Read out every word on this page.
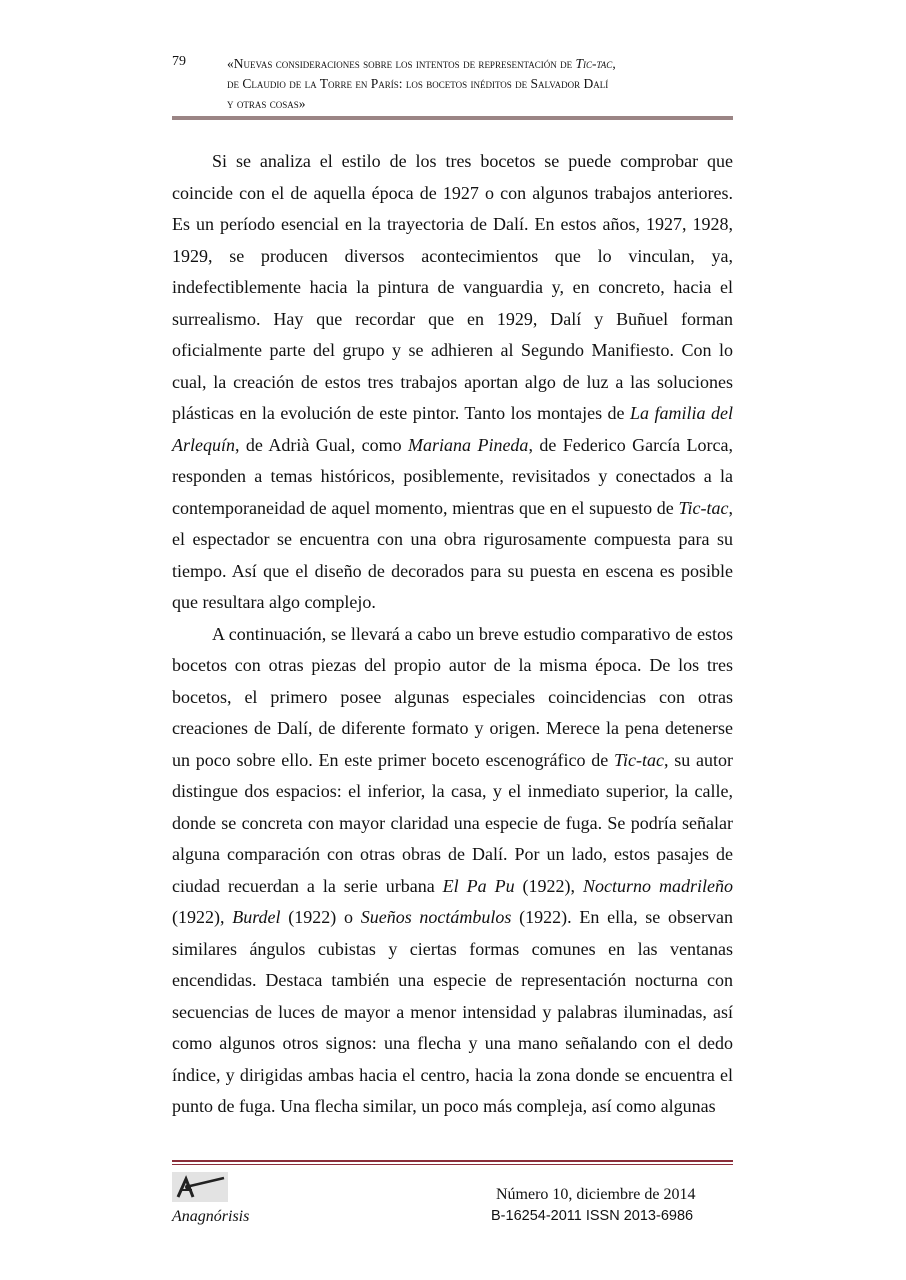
79	«Nuevas consideraciones sobre los intentos de representación de Tic-tac,
de Claudio de la Torre en París: los bocetos inéditos de Salvador Dalí
y otras cosas»

Si se analiza el estilo de los tres bocetos se puede comprobar que coincide con el de aquella época de 1927 o con algunos trabajos anteriores. Es un período esencial en la trayectoria de Dalí. En estos años, 1927, 1928, 1929, se producen diversos acontecimientos que lo vinculan, ya, indefectiblemente hacia la pintura de vanguardia y, en concreto, hacia el surrealismo. Hay que recordar que en 1929, Dalí y Buñuel forman oficialmente parte del grupo y se adhieren al Segundo Manifiesto. Con lo cual, la creación de estos tres trabajos aportan algo de luz a las soluciones plásticas en la evolución de este pintor. Tanto los montajes de La familia del Arlequín, de Adrià Gual, como Mariana Pineda, de Federico García Lorca, responden a temas históricos, posiblemente, revisitados y conectados a la contemporaneidad de aquel momento, mientras que en el supuesto de Tic-tac, el espectador se encuentra con una obra rigurosamente compuesta para su tiempo. Así que el diseño de decorados para su puesta en escena es posible que resultara algo complejo.

A continuación, se llevará a cabo un breve estudio comparativo de estos bocetos con otras piezas del propio autor de la misma época. De los tres bocetos, el primero posee algunas especiales coincidencias con otras creaciones de Dalí, de diferente formato y origen. Merece la pena detenerse un poco sobre ello. En este primer boceto escenográfico de Tic-tac, su autor distingue dos espacios: el inferior, la casa, y el inmediato superior, la calle, donde se concreta con mayor claridad una especie de fuga. Se podría señalar alguna comparación con otras obras de Dalí. Por un lado, estos pasajes de ciudad recuerdan a la serie urbana El Pa Pu (1922), Nocturno madrileño (1922), Burdel (1922) o Sueños noctámbulos (1922). En ella, se observan similares ángulos cubistas y ciertas formas comunes en las ventanas encendidas. Destaca también una especie de representación nocturna con secuencias de luces de mayor a menor intensidad y palabras iluminadas, así como algunos otros signos: una flecha y una mano señalando con el dedo índice, y dirigidas ambas hacia el centro, hacia la zona donde se encuentra el punto de fuga. Una flecha similar, un poco más compleja, así como algunas

Anagnórisis
Número 10, diciembre de 2014
B-16254-2011 ISSN 2013-6986
